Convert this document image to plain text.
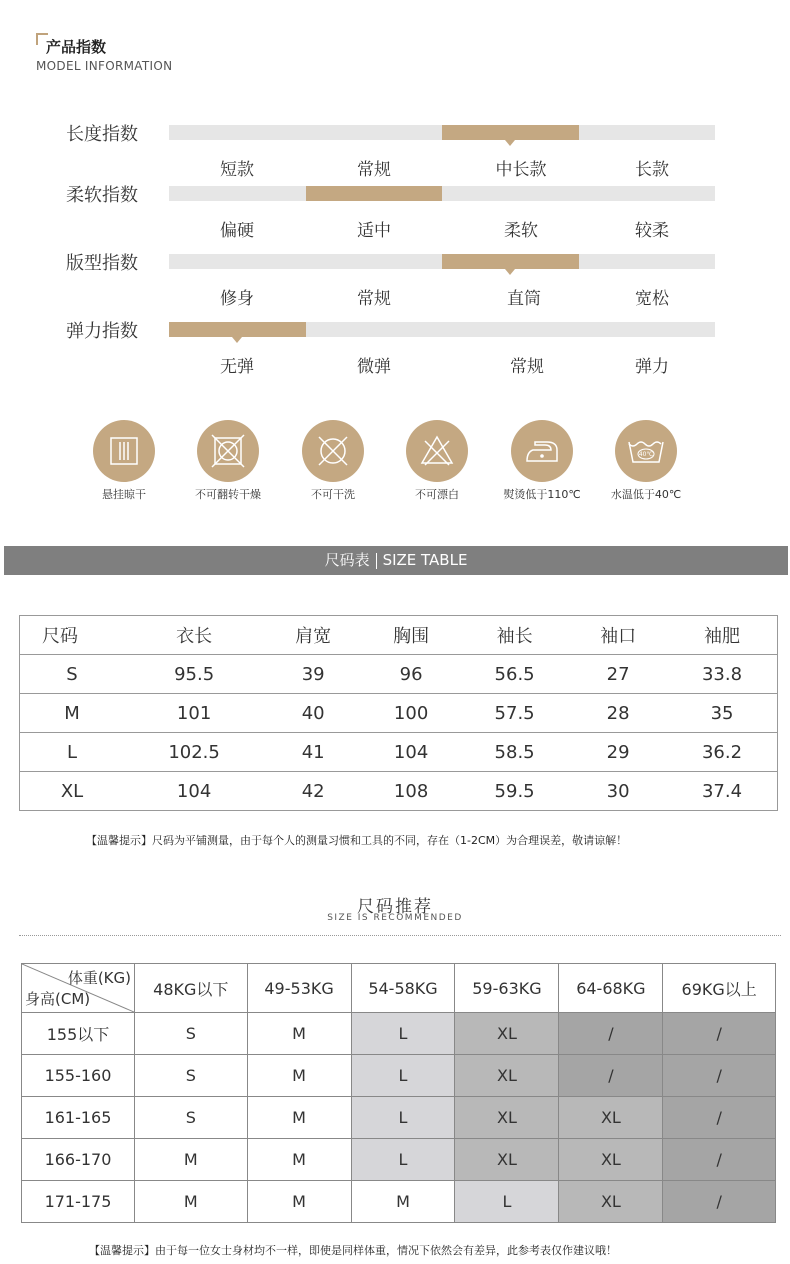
产品指数
MODEL INFORMATION
长度指数
短款	常规	中长款	长款
柔软指数
偏硬	适中	柔软	较柔
版型指数
修身	常规	直筒	宽松
弹力指数
无弹	微弹	常规	弹力
40℃
悬挂晾干	不可翻转干燥	不可干洗	不可漂白	熨烫低于110℃	水温低于40℃
尺码表 SIZE TABLE
尺码	衣长	肩宽	胸围	袖长	袖口	袖肥
S	95.5	39	96	56.5	27	33.8
M	101	40	100	57.5	28	35
L	102.5	41	104	58.5	29	36.2
XL	104	42	108	59.5	30	37.4
【温馨提示】尺码为平铺测量，由于每个人的测量习惯和工具的不同，存在（1-2CM）为合理误差，敬请谅解！
尺码推荐
SIZE IS RECOMMENDED
体重(KG)
身高(CM)	48KG以下	49-53KG	54-58KG	59-63KG	64-68KG	69KG以上
155以下	S	M	L	XL	/	/
155-160	S	M	L	XL	/	/
161-165	S	M	L	XL	XL	/
166-170	M	M	L	XL	XL	/
171-175	M	M	M	L	XL	/
【温馨提示】由于每一位女士身材均不一样，即使是同样体重，情况下依然会有差异，此参考表仅作建议哦！
